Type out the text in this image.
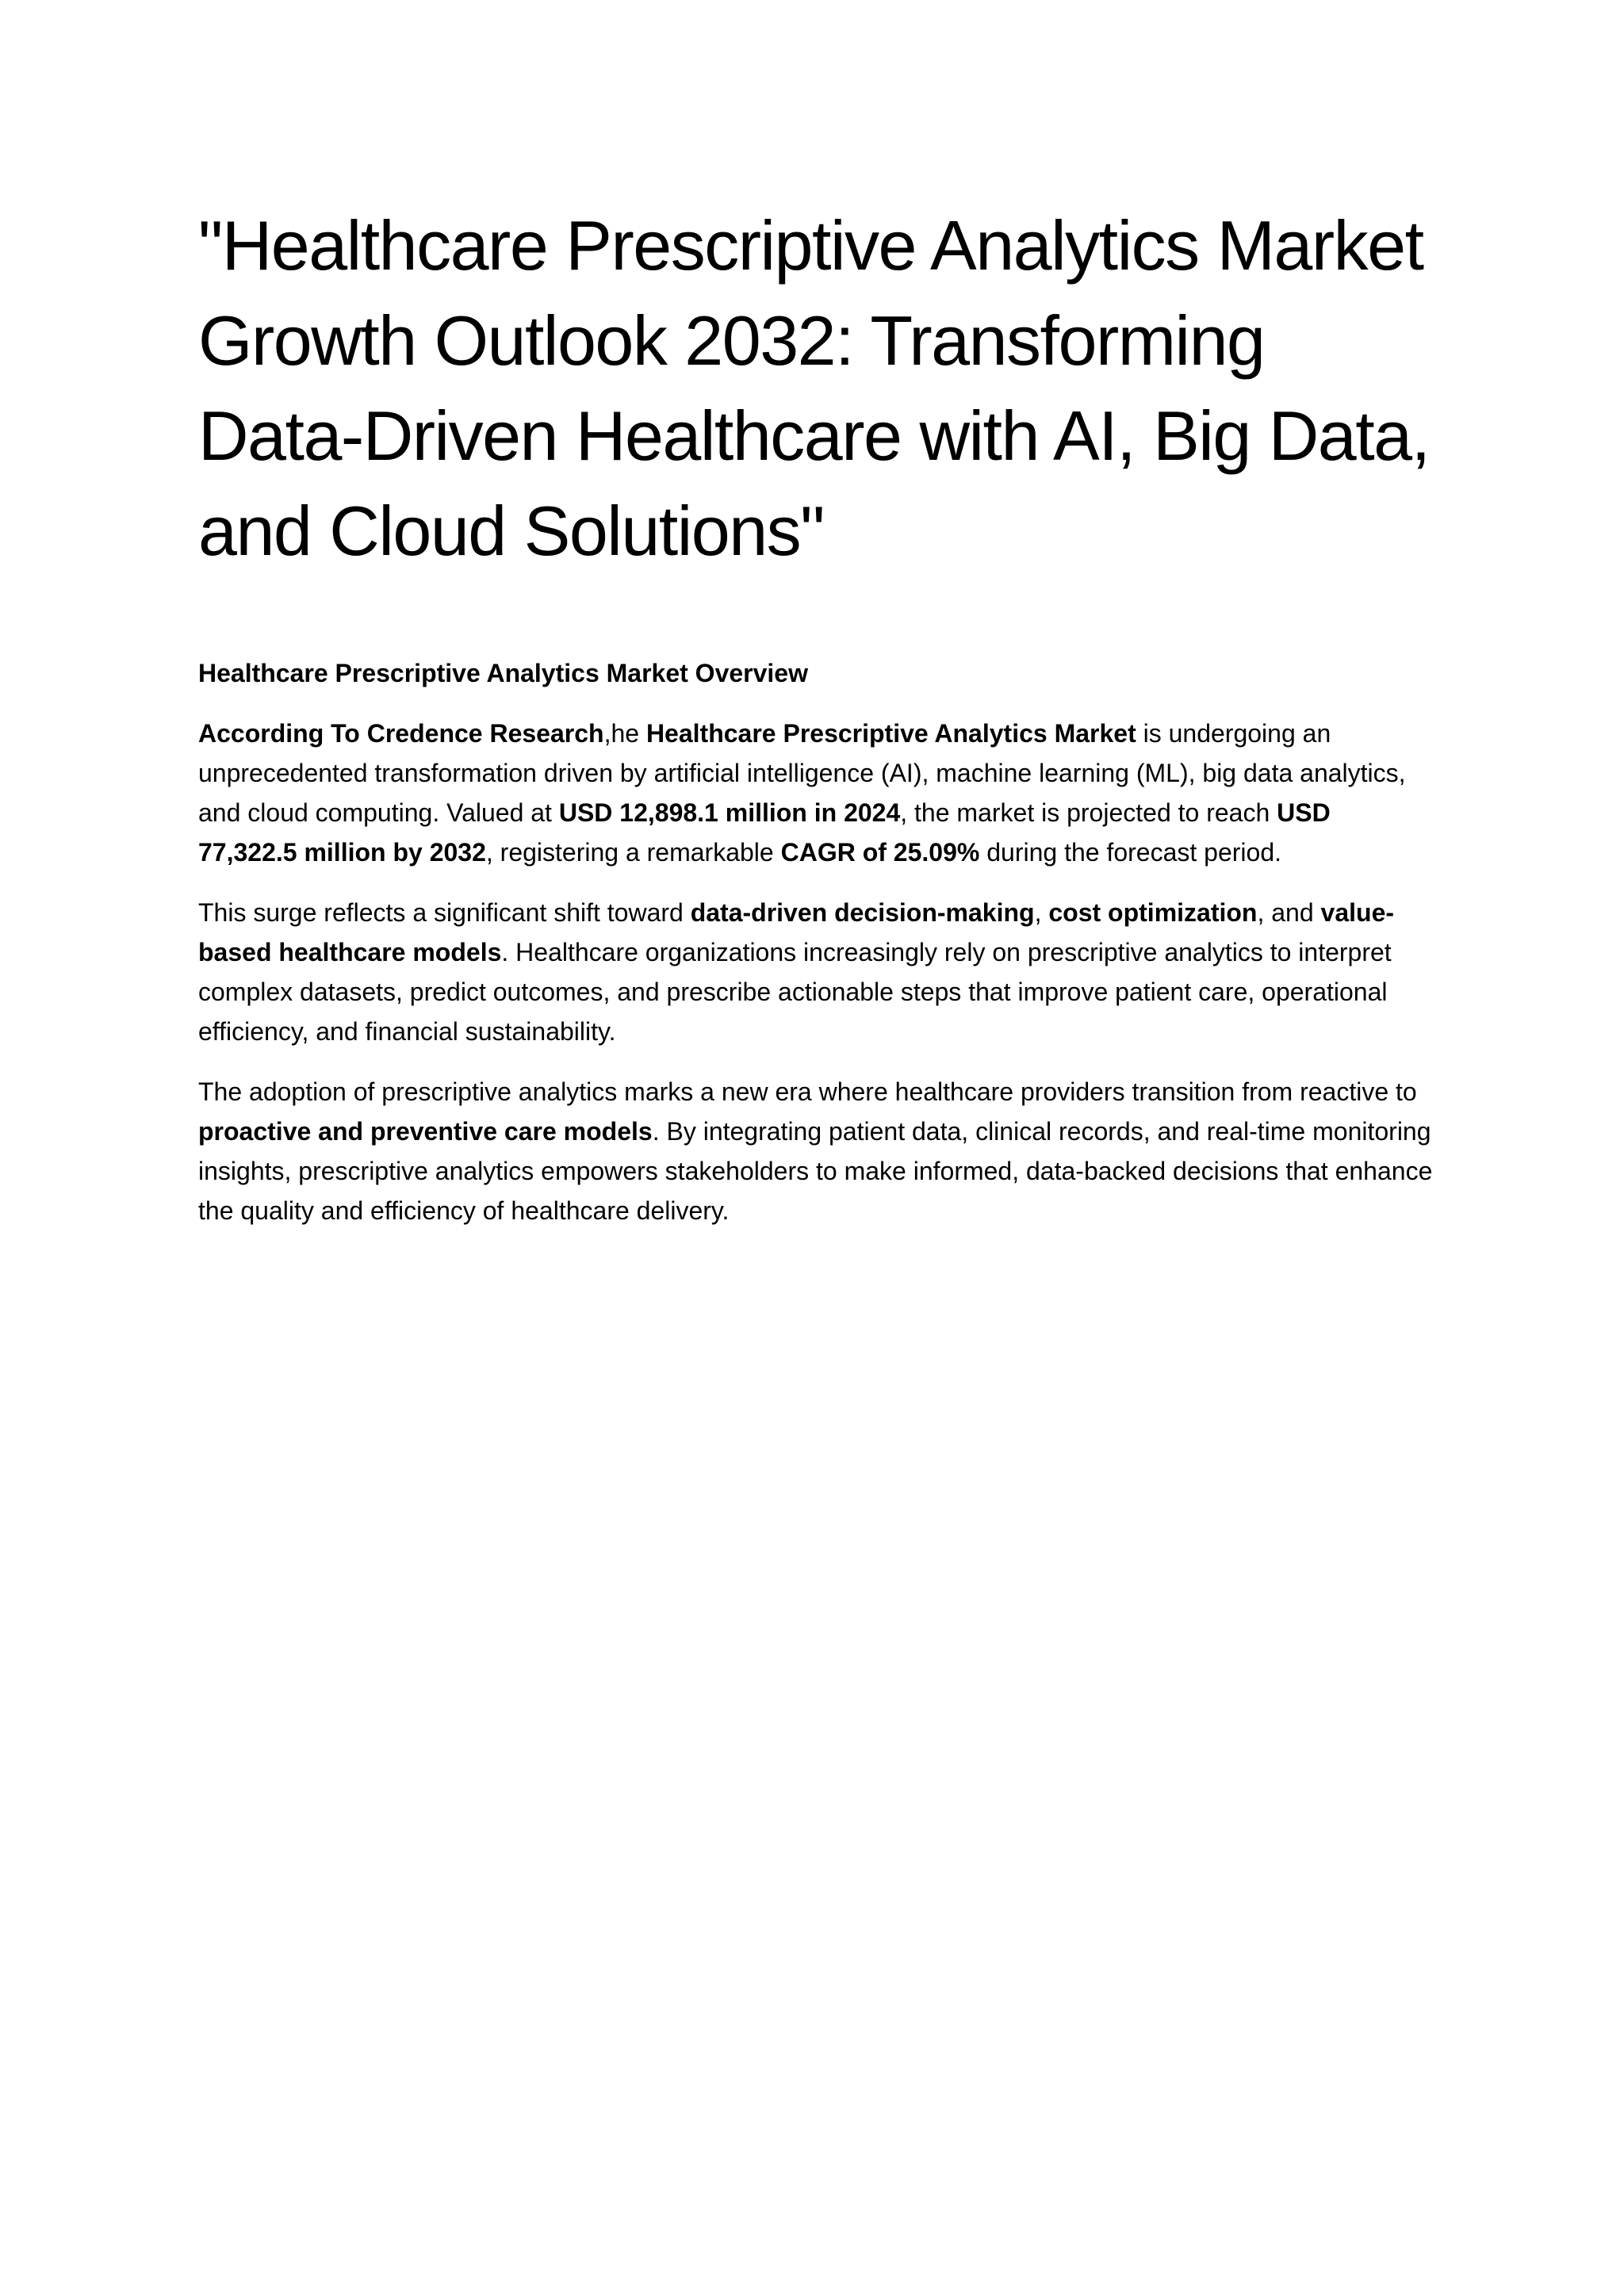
"Healthcare Prescriptive Analytics Market Growth Outlook 2032: Transforming Data-Driven Healthcare with AI, Big Data, and Cloud Solutions"
Healthcare Prescriptive Analytics Market Overview

According To Credence Research,he Healthcare Prescriptive Analytics Market is undergoing an unprecedented transformation driven by artificial intelligence (AI), machine learning (ML), big data analytics, and cloud computing. Valued at USD 12,898.1 million in 2024, the market is projected to reach USD 77,322.5 million by 2032, registering a remarkable CAGR of 25.09% during the forecast period.

This surge reflects a significant shift toward data-driven decision-making, cost optimization, and value-based healthcare models. Healthcare organizations increasingly rely on prescriptive analytics to interpret complex datasets, predict outcomes, and prescribe actionable steps that improve patient care, operational efficiency, and financial sustainability.

The adoption of prescriptive analytics marks a new era where healthcare providers transition from reactive to proactive and preventive care models. By integrating patient data, clinical records, and real-time monitoring insights, prescriptive analytics empowers stakeholders to make informed, data-backed decisions that enhance the quality and efficiency of healthcare delivery.
